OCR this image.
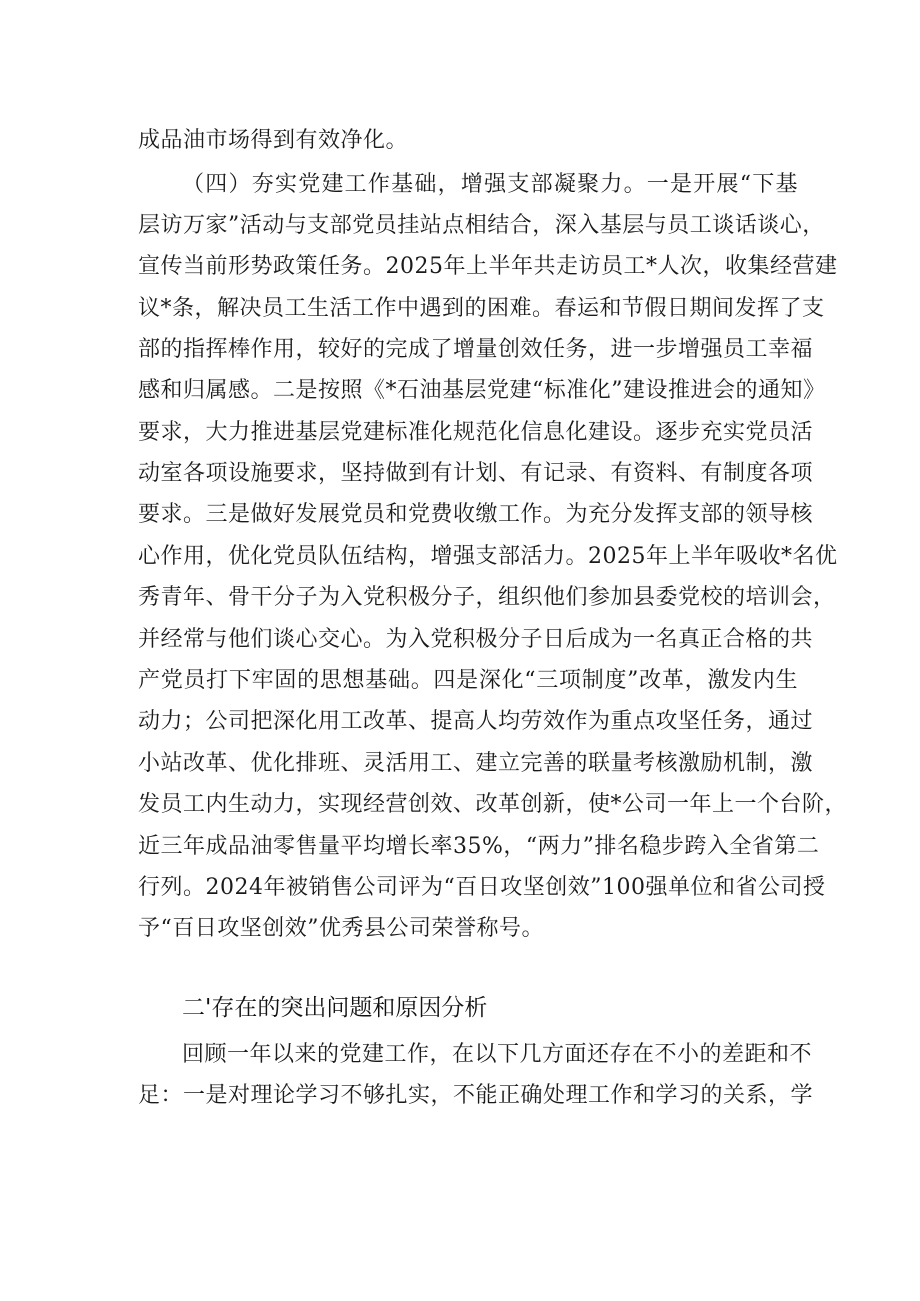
成品油市场得到有效净化。
（四）夯实党建工作基础，增强支部凝聚力。一是开展“下基
层访万家”活动与支部党员挂站点相结合，深入基层与员工谈话谈心，
宣传当前形势政策任务。2025年上半年共走访员工*人次，收集经营建
议*条，解决员工生活工作中遇到的困难。春运和节假日期间发挥了支
部的指挥棒作用，较好的完成了增量创效任务，进一步增强员工幸福
感和归属感。二是按照《*石油基层党建“标准化”建设推进会的通知》
要求，大力推进基层党建标准化规范化信息化建设。逐步充实党员活
动室各项设施要求，坚持做到有计划、有记录、有资料、有制度各项
要求。三是做好发展党员和党费收缴工作。为充分发挥支部的领导核
心作用，优化党员队伍结构，增强支部活力。2025年上半年吸收*名优
秀青年、骨干分子为入党积极分子，组织他们参加县委党校的培训会，
并经常与他们谈心交心。为入党积极分子日后成为一名真正合格的共
产党员打下牢固的思想基础。四是深化“三项制度”改革，激发内生
动力；公司把深化用工改革、提高人均劳效作为重点攻坚任务，通过
小站改革、优化排班、灵活用工、建立完善的联量考核激励机制，激
发员工内生动力，实现经营创效、改革创新，使*公司一年上一个台阶，
近三年成品油零售量平均增长率35%，“两力”排名稳步跨入全省第二
行列。2024年被销售公司评为“百日攻坚创效”100强单位和省公司授
予“百日攻坚创效”优秀县公司荣誉称号。
二'存在的突出问题和原因分析
回顾一年以来的党建工作，在以下几方面还存在不小的差距和不
足：一是对理论学习不够扎实，不能正确处理工作和学习的关系，学
